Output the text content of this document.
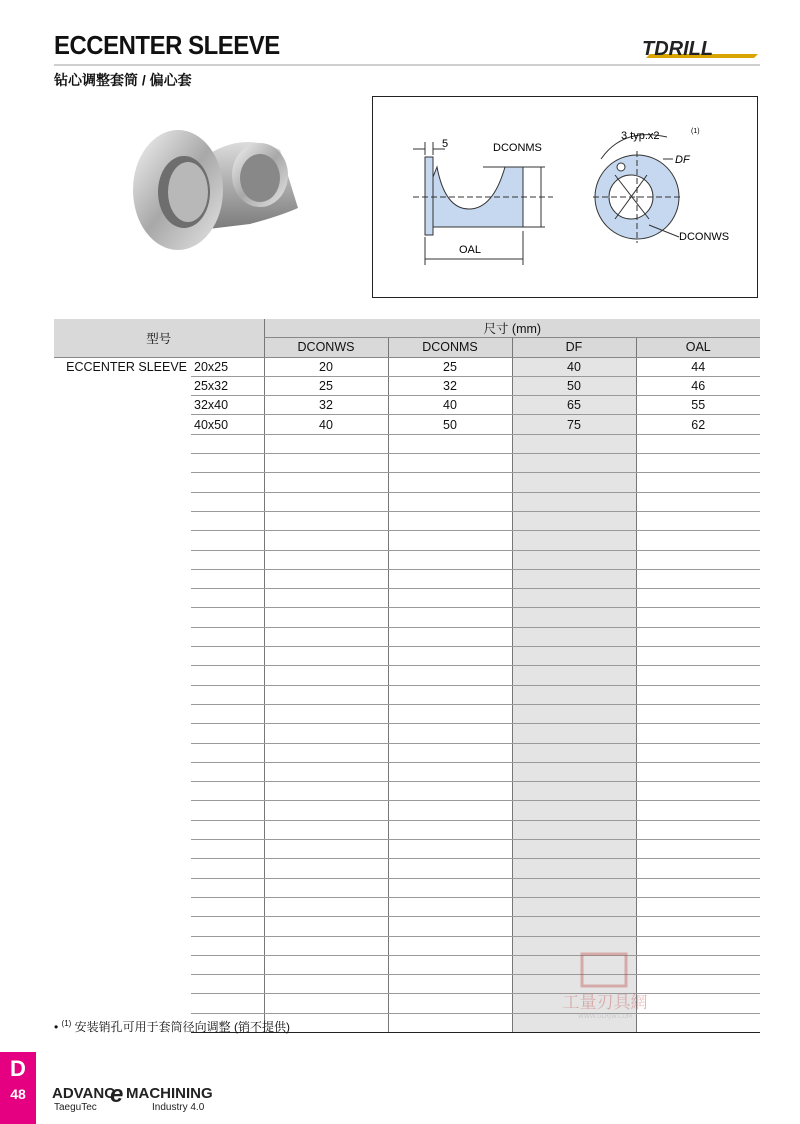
ECCENTER SLEEVE
钻心调整套筒 / 偏心套
TDRILL
5	DCONMS
OAL
3 typ.x2	(1)
DF
DCONWS
型号		尺寸 (mm)			
		DCONWS	DCONMS	DF	OAL
ECCENTER SLEEVE	20x25	20	25	40	44
	25x32	25	32	50	46
	32x40	32	40	65	55
	40x50	40	50	75	62

• $^{(1)}$ 安装销孔可用于套筒径向调整 (销不提供)
工量刃具網
WWW.GLRJW.COM
D
48	ADVANC
e MACHINING
TaeguTec	Industry 4.0
